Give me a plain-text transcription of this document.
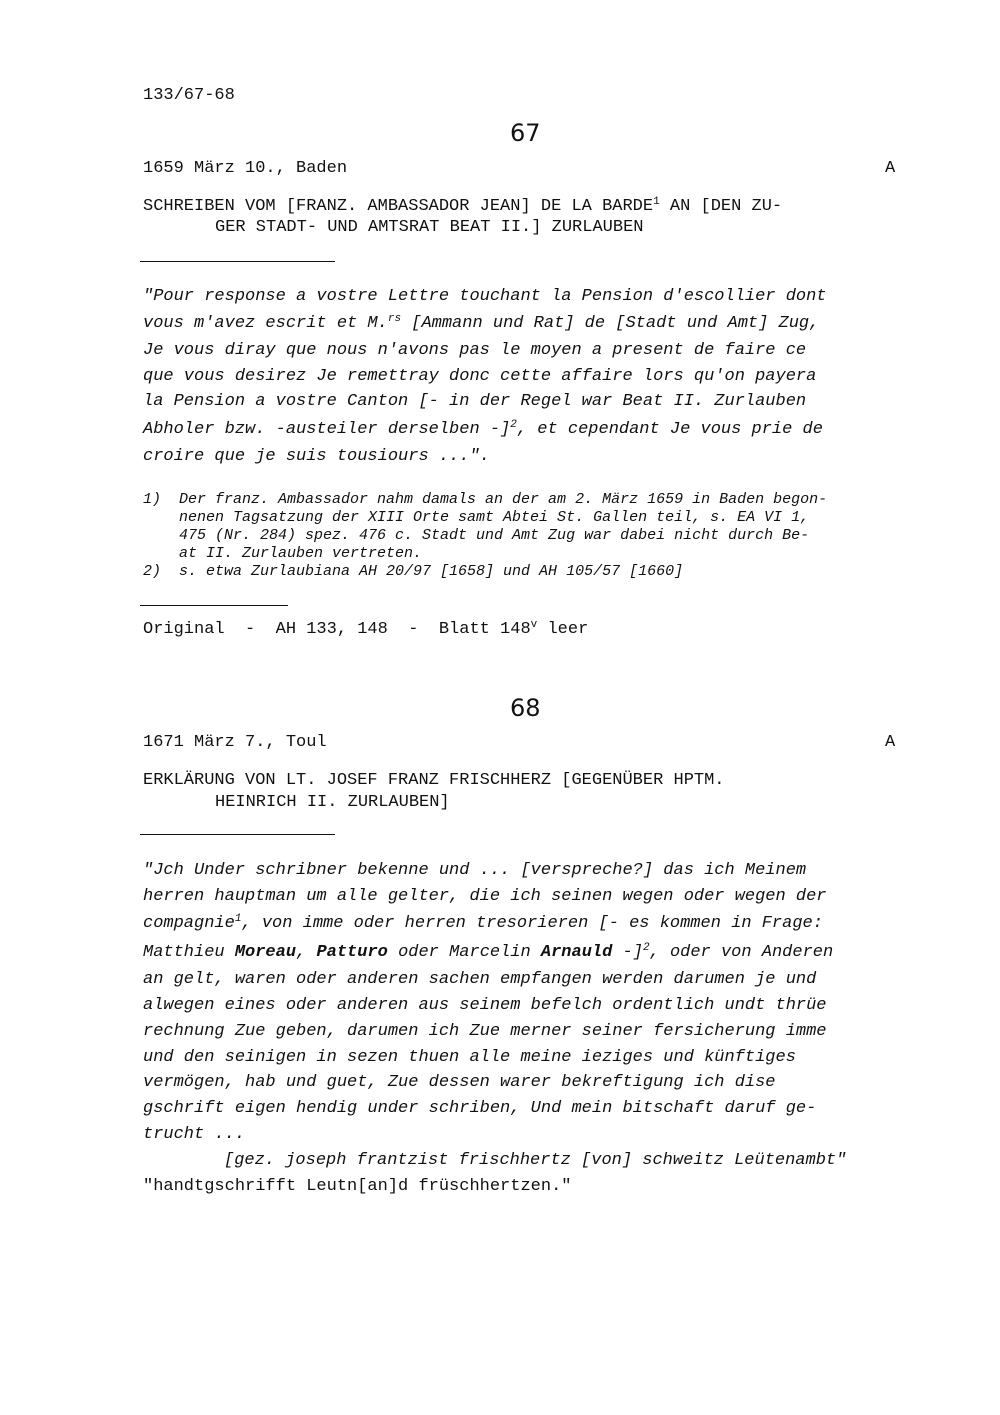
133/67-68
67
1659 März 10., Baden	A
SCHREIBEN VOM [FRANZ. AMBASSADOR JEAN] DE LA BARDE$^1$ AN [DEN ZU-
GER STADT- UND AMTSRAT BEAT II.] ZURLAUBEN
"Pour response a vostre Lettre touchant la Pension d'escollier dont
vous m'avez escrit et M.$^{rs}$ [Ammann und Rat] de [Stadt und Amt] Zug,
Je vous diray que nous n'avons pas le moyen a present de faire ce
que vous desirez Je remettray donc cette affaire lors qu'on payera
la Pension a vostre Canton [- in der Regel war Beat II. Zurlauben
Abholer bzw. -austeiler derselben -]$^2$, et cependant Je vous prie de
croire que je suis tousiours ...".
1) Der franz. Ambassador nahm damals an der am 2. März 1659 in Baden begon-
nenen Tagsatzung der XIII Orte samt Abtei St. Gallen teil, s. EA VI 1,
475 (Nr. 284) spez. 476 c. Stadt und Amt Zug war dabei nicht durch Be-
at II. Zurlauben vertreten.
2) s. etwa Zurlaubiana AH 20/97 [1658] und AH 105/57 [1660]
Original  -  AH 133, 148  -  Blatt 148$^v$ leer
68
1671 März 7., Toul	A
ERKLÄRUNG VON LT. JOSEF FRANZ FRISCHHERZ [GEGENÜBER HPTM.
HEINRICH II. ZURLAUBEN]
"Jch Under schribner bekenne und ... [verspreche?] das ich Meinem
herren hauptman um alle gelter, die ich seinen wegen oder wegen der
compagnie$^1$, von imme oder herren tresorieren [- es kommen in Frage:
Matthieu Moreau, Patturo oder Marcelin Arnauld -]$^2$, oder von Anderen
an gelt, waren oder anderen sachen empfangen werden darumen je und
alwegen eines oder anderen aus seinem befelch ordentlich undt thrüe
rechnung Zue geben, darumen ich Zue merner seiner fersicherung imme
und den seinigen in sezen thuen alle meine ieziges und künftiges
vermögen, hab und guet, Zue dessen warer bekreftigung ich dise
gschrift eigen hendig under schriben, Und mein bitschaft daruf ge-
trucht ...
[gez. joseph frantzist frischhertz [von] schweitz Leütenambt"
"handtgschrifft Leutn[an]d früschhertzen."
